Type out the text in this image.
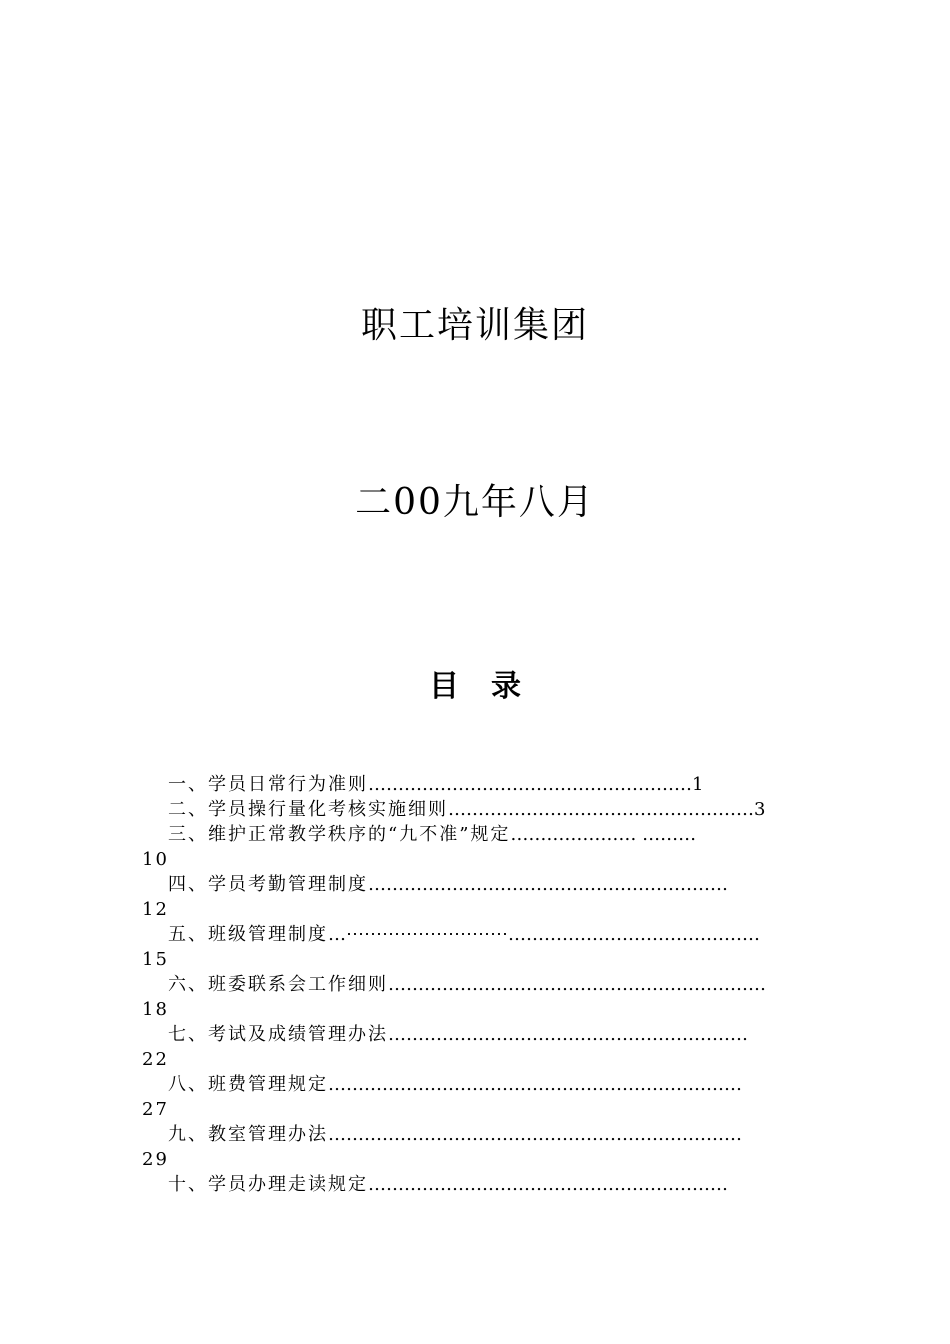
职工培训集团
二00九年八月
目 录
一、学员日常行为准则………………………………………………1
二、学员操行量化考核实施细则……………………………………………3
三、维护正常教学秩序的“九不准”规定………………… ………
10
四、学员考勤管理制度……………………………………………………
12
五、班级管理制度…⋯⋯⋯⋯⋯⋯⋯⋯⋯……………………………………
15
六、班委联系会工作细则………………………………………………………
18
七、考试及成绩管理办法……………………………………………………
22
八、班费管理规定……………………………………………………………
27
九、教室管理办法……………………………………………………………
29
十、学员办理走读规定……………………………………………………
